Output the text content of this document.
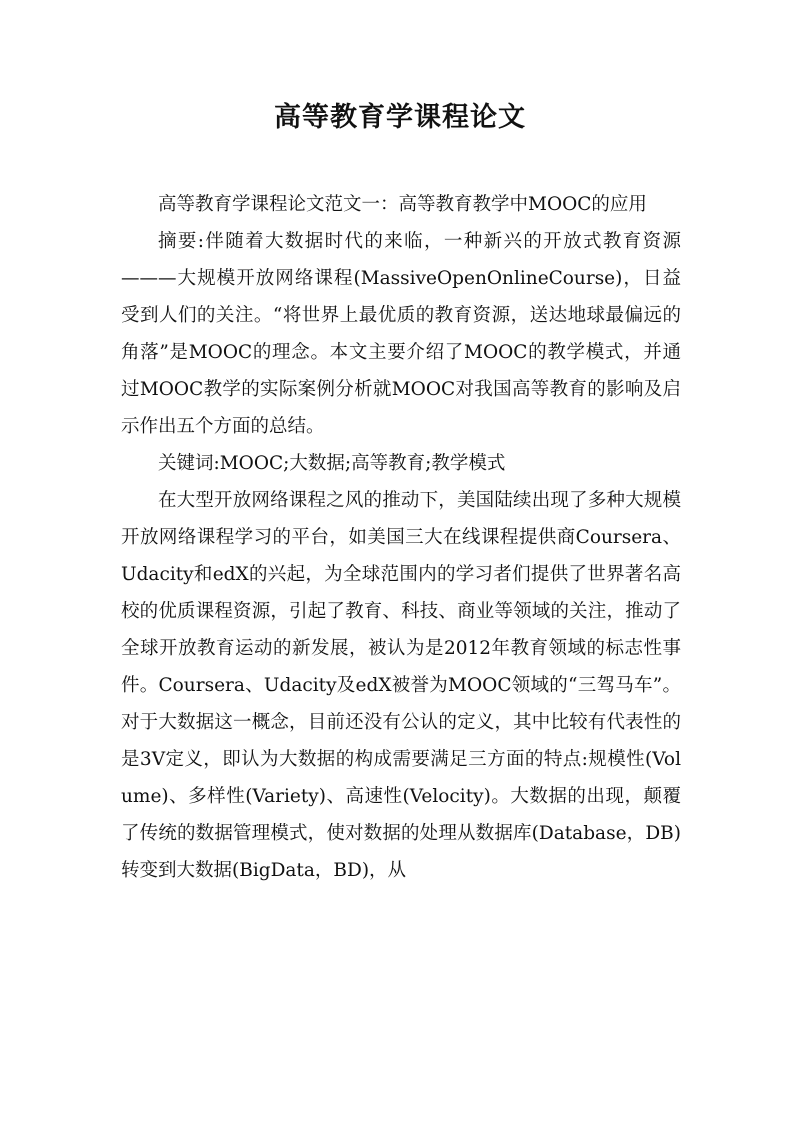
高等教育学课程论文

高等教育学课程论文范文一：高等教育教学中MOOC的应用

摘要:伴随着大数据时代的来临，一种新兴的开放式教育资源———大规模开放网络课程(MassiveOpenOnlineCourse)，日益受到人们的关注。“将世界上最优质的教育资源，送达地球最偏远的角落”是MOOC的理念。本文主要介绍了MOOC的教学模式，并通过MOOC教学的实际案例分析就MOOC对我国高等教育的影响及启示作出五个方面的总结。

关键词:MOOC;大数据;高等教育;教学模式

在大型开放网络课程之风的推动下，美国陆续出现了多种大规模开放网络课程学习的平台，如美国三大在线课程提供商Coursera、Udacity和edX的兴起，为全球范围内的学习者们提供了世界著名高校的优质课程资源，引起了教育、科技、商业等领域的关注，推动了全球开放教育运动的新发展，被认为是2012年教育领域的标志性事件。Coursera、Udacity及edX被誉为MOOC领域的“三驾马车”。对于大数据这一概念，目前还没有公认的定义，其中比较有代表性的是3V定义，即认为大数据的构成需要满足三方面的特点:规模性(Volume)、多样性(Variety)、高速性(Velocity)。大数据的出现，颠覆了传统的数据管理模式，使对数据的处理从数据库(Database，DB)转变到大数据(BigData，BD)，从
